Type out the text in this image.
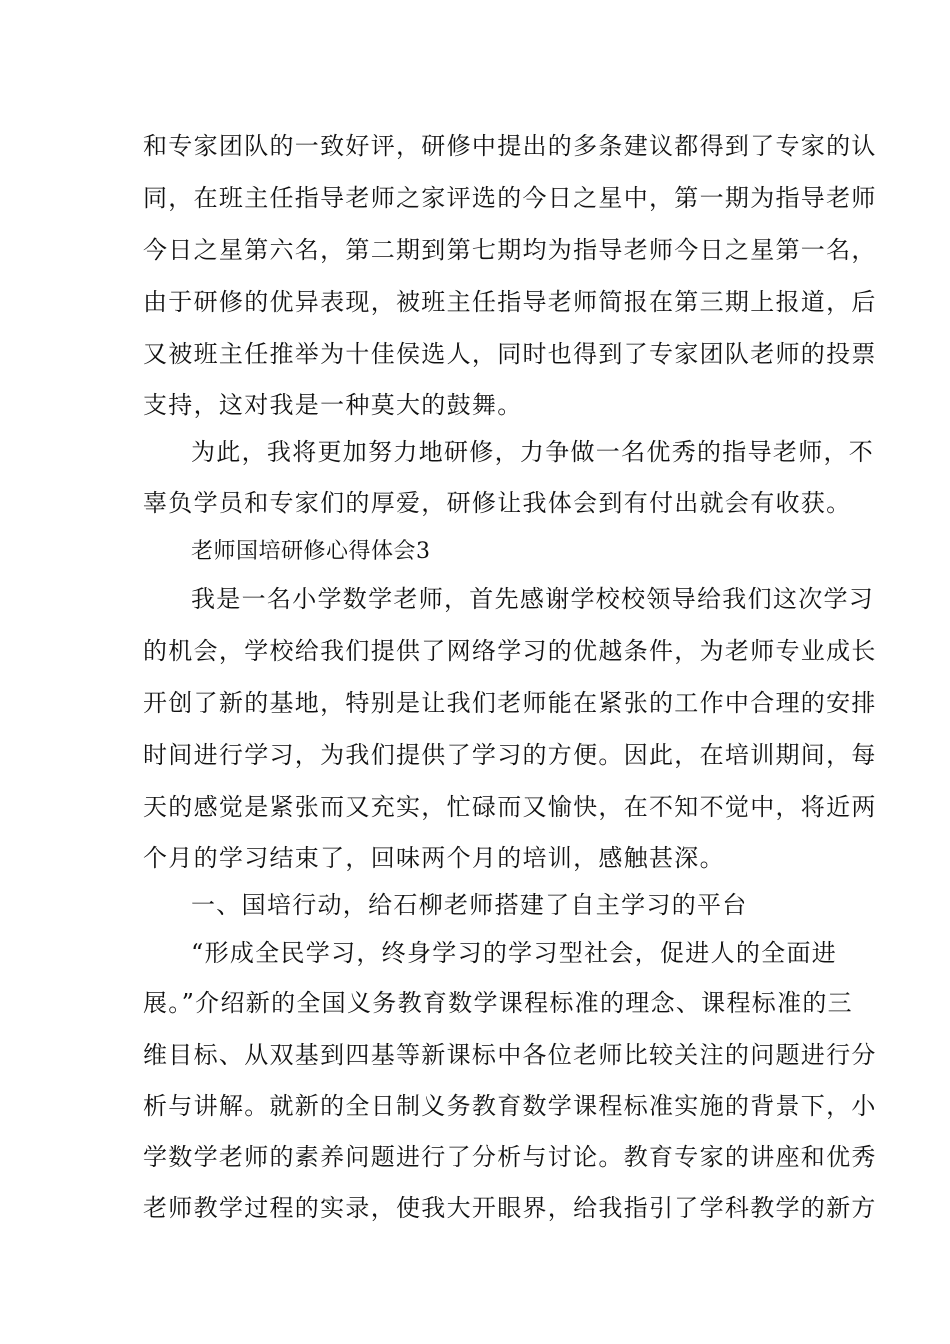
和专家团队的一致好评，研修中提出的多条建议都得到了专家的认
同，在班主任指导老师之家评选的今日之星中，第一期为指导老师
今日之星第六名，第二期到第七期均为指导老师今日之星第一名，
由于研修的优异表现，被班主任指导老师简报在第三期上报道，后
又被班主任推举为十佳侯选人，同时也得到了专家团队老师的投票
支持，这对我是一种莫大的鼓舞。
为此，我将更加努力地研修，力争做一名优秀的指导老师，不
辜负学员和专家们的厚爱，研修让我体会到有付出就会有收获。
老师国培研修心得体会3
我是一名小学数学老师，首先感谢学校校领导给我们这次学习
的机会，学校给我们提供了网络学习的优越条件，为老师专业成长
开创了新的基地，特别是让我们老师能在紧张的工作中合理的安排
时间进行学习，为我们提供了学习的方便。因此，在培训期间，每
天的感觉是紧张而又充实，忙碌而又愉快，在不知不觉中，将近两
个月的学习结束了，回味两个月的培训，感触甚深。
一、国培行动，给石柳老师搭建了自主学习的平台
“形成全民学习，终身学习的学习型社会，促进人的全面进
展。”介绍新的全国义务教育数学课程标准的理念、课程标准的三
维目标、从双基到四基等新课标中各位老师比较关注的问题进行分
析与讲解。就新的全日制义务教育数学课程标准实施的背景下，小
学数学老师的素养问题进行了分析与讨论。教育专家的讲座和优秀
老师教学过程的实录，使我大开眼界，给我指引了学科教学的新方
